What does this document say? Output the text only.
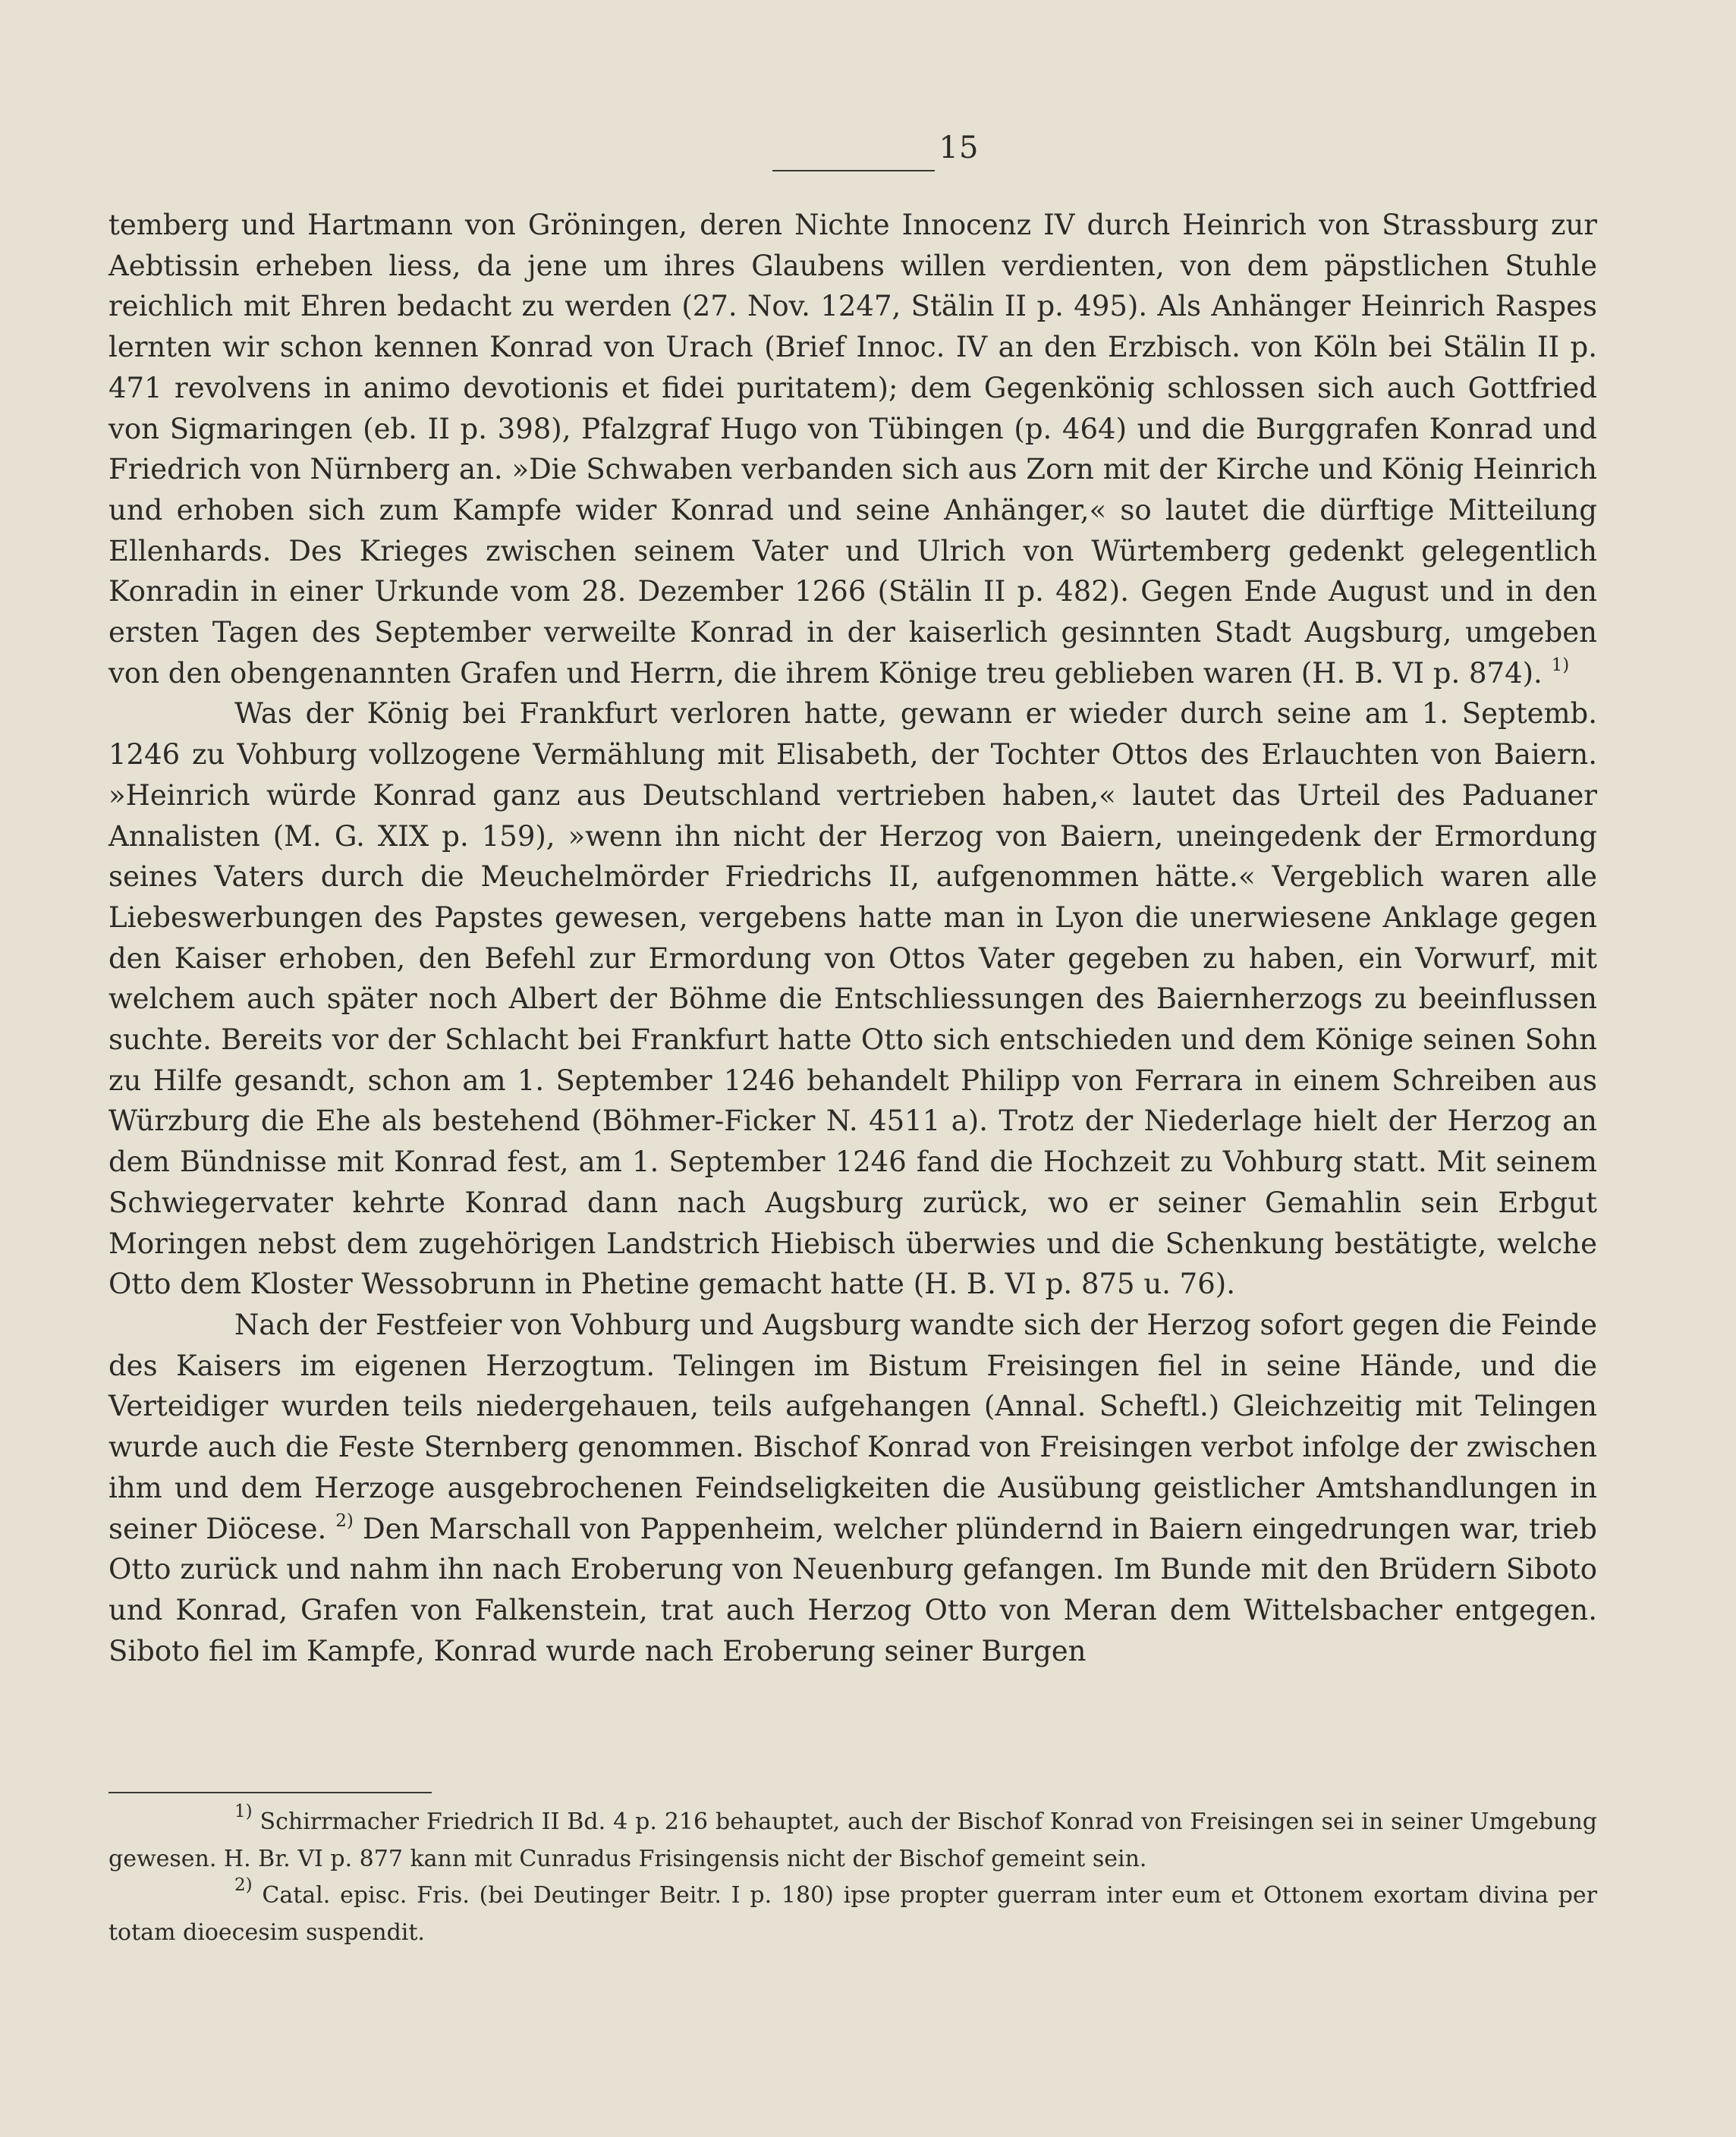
15

temberg und Hartmann von Gröningen, deren Nichte Innocenz IV durch Heinrich von Strassburg zur Aebtissin erheben liess, da jene um ihres Glaubens willen verdienten, von dem päpstlichen Stuhle reichlich mit Ehren bedacht zu werden (27. Nov. 1247, Stälin II p. 495). Als Anhänger Heinrich Raspes lernten wir schon kennen Konrad von Urach (Brief Innoc. IV an den Erzbisch. von Köln bei Stälin II p. 471 revolvens in animo devotionis et fidei puritatem); dem Gegenkönig schlossen sich auch Gottfried von Sigmaringen (eb. II p. 398), Pfalzgraf Hugo von Tübingen (p. 464) und die Burggrafen Konrad und Friedrich von Nürnberg an. »Die Schwaben verbanden sich aus Zorn mit der Kirche und König Heinrich und erhoben sich zum Kampfe wider Konrad und seine Anhänger,« so lautet die dürftige Mitteilung Ellenhards. Des Krieges zwischen seinem Vater und Ulrich von Würtemberg gedenkt gelegentlich Konradin in einer Urkunde vom 28. Dezember 1266 (Stälin II p. 482). Gegen Ende August und in den ersten Tagen des September verweilte Konrad in der kaiserlich gesinnten Stadt Augsburg, umgeben von den obengenannten Grafen und Herrn, die ihrem Könige treu geblieben waren (H. B. VI p. 874). $^{1)}$

Was der König bei Frankfurt verloren hatte, gewann er wieder durch seine am 1. Septemb. 1246 zu Vohburg vollzogene Vermählung mit Elisabeth, der Tochter Ottos des Erlauchten von Baiern. »Heinrich würde Konrad ganz aus Deutschland vertrieben haben,« lautet das Urteil des Paduaner Annalisten (M. G. XIX p. 159), »wenn ihn nicht der Herzog von Baiern, uneingedenk der Ermordung seines Vaters durch die Meuchelmörder Friedrichs II, aufgenommen hätte.« Vergeblich waren alle Liebeswerbungen des Papstes gewesen, vergebens hatte man in Lyon die unerwiesene Anklage gegen den Kaiser erhoben, den Befehl zur Ermordung von Ottos Vater gegeben zu haben, ein Vorwurf, mit welchem auch später noch Albert der Böhme die Entschliessungen des Baiernherzogs zu beeinflussen suchte. Bereits vor der Schlacht bei Frankfurt hatte Otto sich entschieden und dem Könige seinen Sohn zu Hilfe gesandt, schon am 1. September 1246 behandelt Philipp von Ferrara in einem Schreiben aus Würzburg die Ehe als bestehend (Böhmer-Ficker N. 4511 a). Trotz der Niederlage hielt der Herzog an dem Bündnisse mit Konrad fest, am 1. September 1246 fand die Hochzeit zu Vohburg statt. Mit seinem Schwiegervater kehrte Konrad dann nach Augsburg zurück, wo er seiner Gemahlin sein Erbgut Moringen nebst dem zugehörigen Landstrich Hiebisch überwies und die Schenkung bestätigte, welche Otto dem Kloster Wessobrunn in Phetine gemacht hatte (H. B. VI p. 875 u. 76).

Nach der Festfeier von Vohburg und Augsburg wandte sich der Herzog sofort gegen die Feinde des Kaisers im eigenen Herzogtum. Telingen im Bistum Freisingen fiel in seine Hände, und die Verteidiger wurden teils niedergehauen, teils aufgehangen (Annal. Scheftl.) Gleichzeitig mit Telingen wurde auch die Feste Sternberg genommen. Bischof Konrad von Freisingen verbot infolge der zwischen ihm und dem Herzoge ausgebrochenen Feindseligkeiten die Ausübung geistlicher Amtshandlungen in seiner Diöcese. $^{2)}$ Den Marschall von Pappenheim, welcher plündernd in Baiern eingedrungen war, trieb Otto zurück und nahm ihn nach Eroberung von Neuenburg gefangen. Im Bunde mit den Brüdern Siboto und Konrad, Grafen von Falkenstein, trat auch Herzog Otto von Meran dem Wittelsbacher entgegen. Siboto fiel im Kampfe, Konrad wurde nach Eroberung seiner Burgen

$^{1)}$ Schirrmacher Friedrich II Bd. 4 p. 216 behauptet, auch der Bischof Konrad von Freisingen sei in seiner Umgebung gewesen. H. Br. VI p. 877 kann mit Cunradus Frisingensis nicht der Bischof gemeint sein.

$^{2)}$ Catal. episc. Fris. (bei Deutinger Beitr. I p. 180) ipse propter guerram inter eum et Ottonem exortam divina per totam dioecesim suspendit.
